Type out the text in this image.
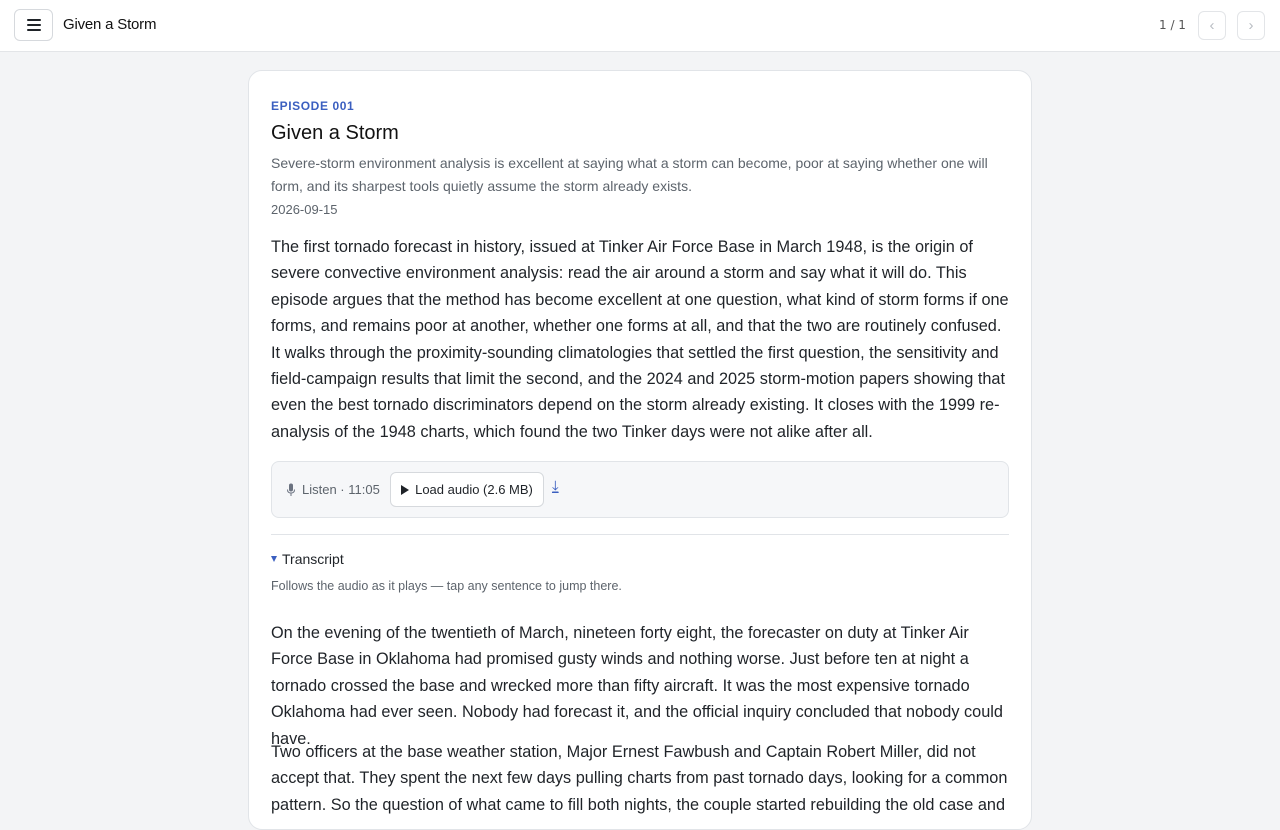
Given a Storm	1 / 1 ‹ ›
EPISODE 001
Given a Storm

Severe-storm environment analysis is excellent at saying what a storm can become, poor at saying whether one will form, and its sharpest tools quietly assume the storm already exists.

2026-09-15

The first tornado forecast in history, issued at Tinker Air Force Base in March 1948, is the origin of severe convective environment analysis: read the air around a storm and say what it will do. This episode argues that the method has become excellent at one question, what kind of storm forms if one forms, and remains poor at another, whether one forms at all, and that the two are routinely confused. It walks through the proximity-sounding climatologies that settled the first question, the sensitivity and field-campaign results that limit the second, and the 2024 and 2025 storm-motion papers showing that even the best tornado discriminators depend on the storm already existing. It closes with the 1999 re-analysis of the 1948 charts, which found the two Tinker days were not alike after all.

Listen · 11:05	Load audio (2.6 MB) ⤓
Transcript
Follows the audio as it plays — tap any sentence to jump there.

On the evening of the twentieth of March, nineteen forty eight, the forecaster on duty at Tinker Air Force Base in Oklahoma had promised gusty winds and nothing worse. Just before ten at night a tornado crossed the base and wrecked more than fifty aircraft. It was the most expensive tornado Oklahoma had ever seen. Nobody had forecast it, and the official inquiry concluded that nobody could have.

Two officers at the base weather station, Major Ernest Fawbush and Captain Robert Miller, did not accept that. They spent the next few days pulling charts from past tornado days, looking for a common pattern. So the question of what came to fill both nights, the couple started rebuilding the old case and
